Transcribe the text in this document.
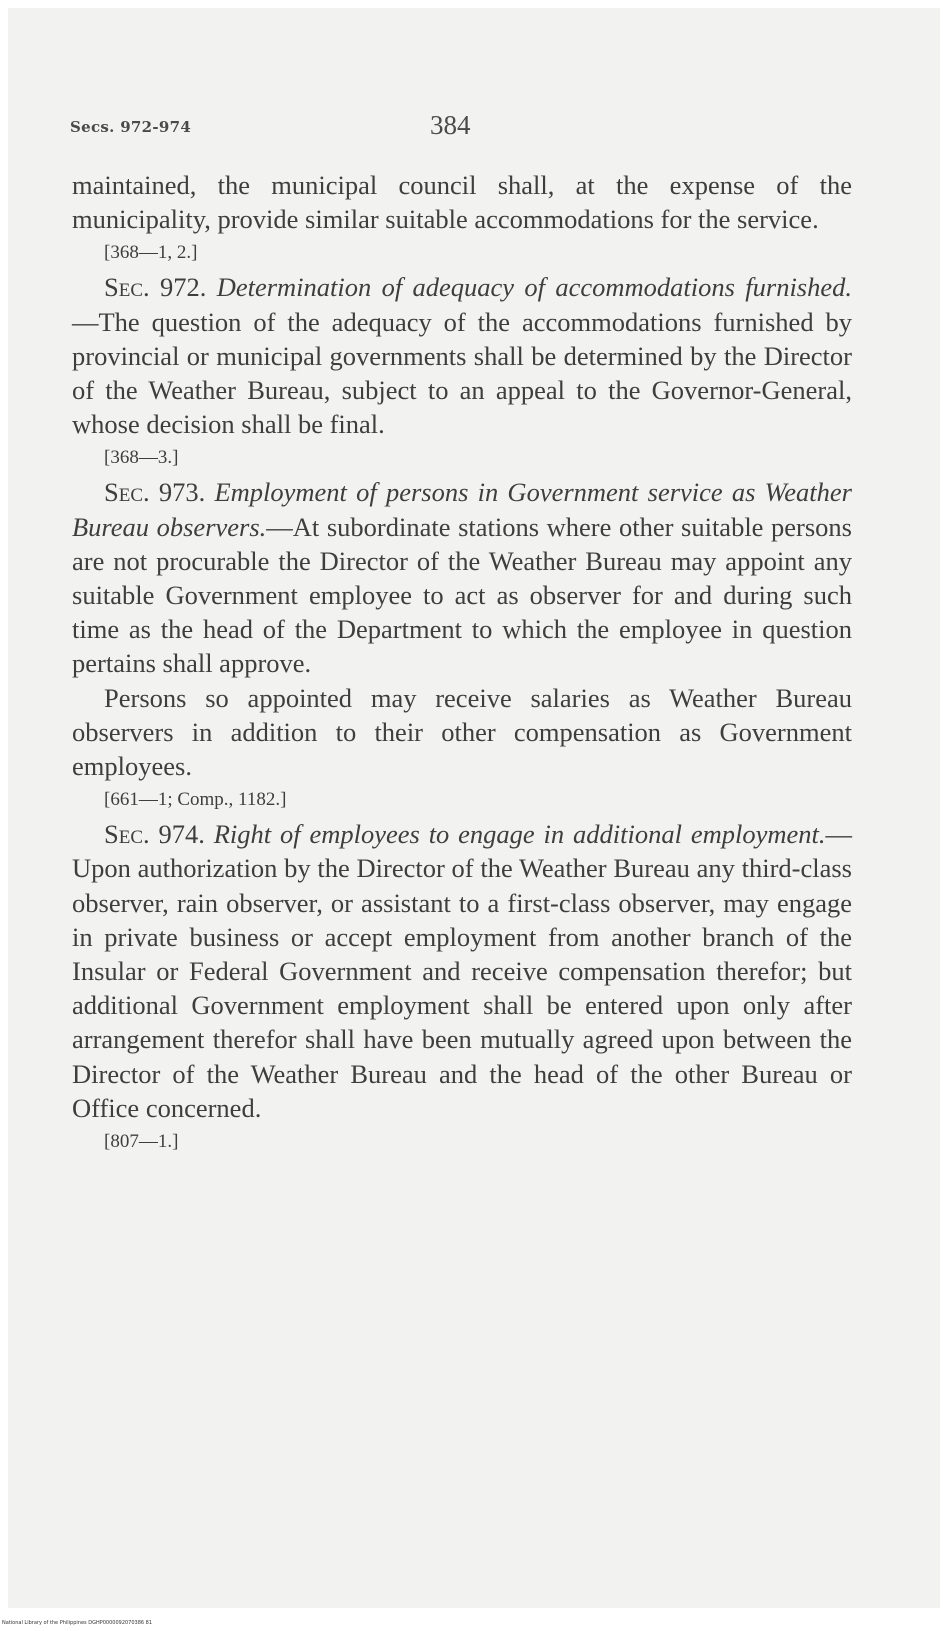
Secs. 972-974	384

maintained, the municipal council shall, at the expense of the municipality, provide similar suitable accommodations for the service.

[368—1, 2.]

Sec. 972. Determination of adequacy of accommodations furnished.—The question of the adequacy of the accommodations furnished by provincial or municipal governments shall be determined by the Director of the Weather Bureau, subject to an appeal to the Governor-General, whose decision shall be final.

[368—3.]

Sec. 973. Employment of persons in Government service as Weather Bureau observers.—At subordinate stations where other suitable persons are not procurable the Director of the Weather Bureau may appoint any suitable Government employee to act as observer for and during such time as the head of the Department to which the employee in question pertains shall approve.

Persons so appointed may receive salaries as Weather Bureau observers in addition to their other compensation as Government employees.

[661—1; Comp., 1182.]

Sec. 974. Right of employees to engage in additional employment.—Upon authorization by the Director of the Weather Bureau any third-class observer, rain observer, or assistant to a first-class observer, may engage in private business or accept employment from another branch of the Insular or Federal Government and receive compensation therefor; but additional Government employment shall be entered upon only after arrangement therefor shall have been mutually agreed upon between the Director of the Weather Bureau and the head of the other Bureau or Office concerned.

[807—1.]

National Library of the Philippines DGHP0000092070386 81
